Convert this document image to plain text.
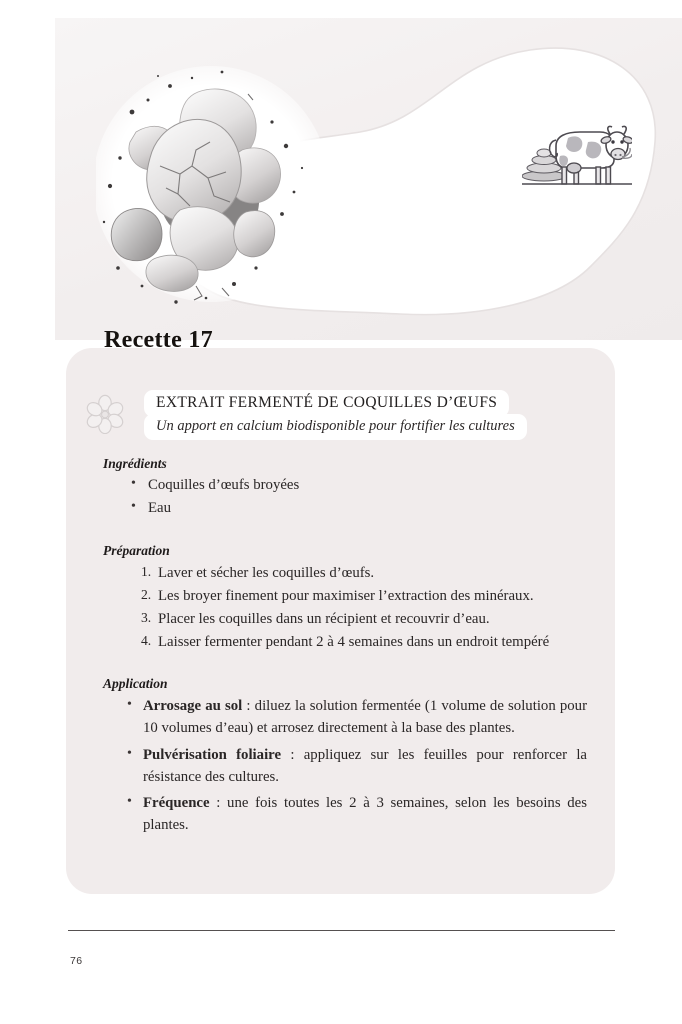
Recette 17
EXTRAIT FERMENTÉ DE COQUILLES D’ŒUFS Un apport en calcium biodisponible pour fortifier les cultures
Ingrédients
• Coquilles d’œufs broyées
• Eau
Préparation
Laver et sécher les coquilles d’œufs.
Les broyer finement pour maximiser l’extraction des minéraux.
Placer les coquilles dans un récipient et recouvrir d’eau.
Laisser fermenter pendant 2 à 4 semaines dans un endroit tempéré
Application
• Arrosage au sol : diluez la solution fermentée (1 volume de solution pour 10 volumes d’eau) et arrosez directement à la base des plantes.
• Pulvérisation foliaire : appliquez sur les feuilles pour renforcer la résistance des cultures.
• Fréquence : une fois toutes les 2 à 3 semaines, selon les besoins des plantes.
76
